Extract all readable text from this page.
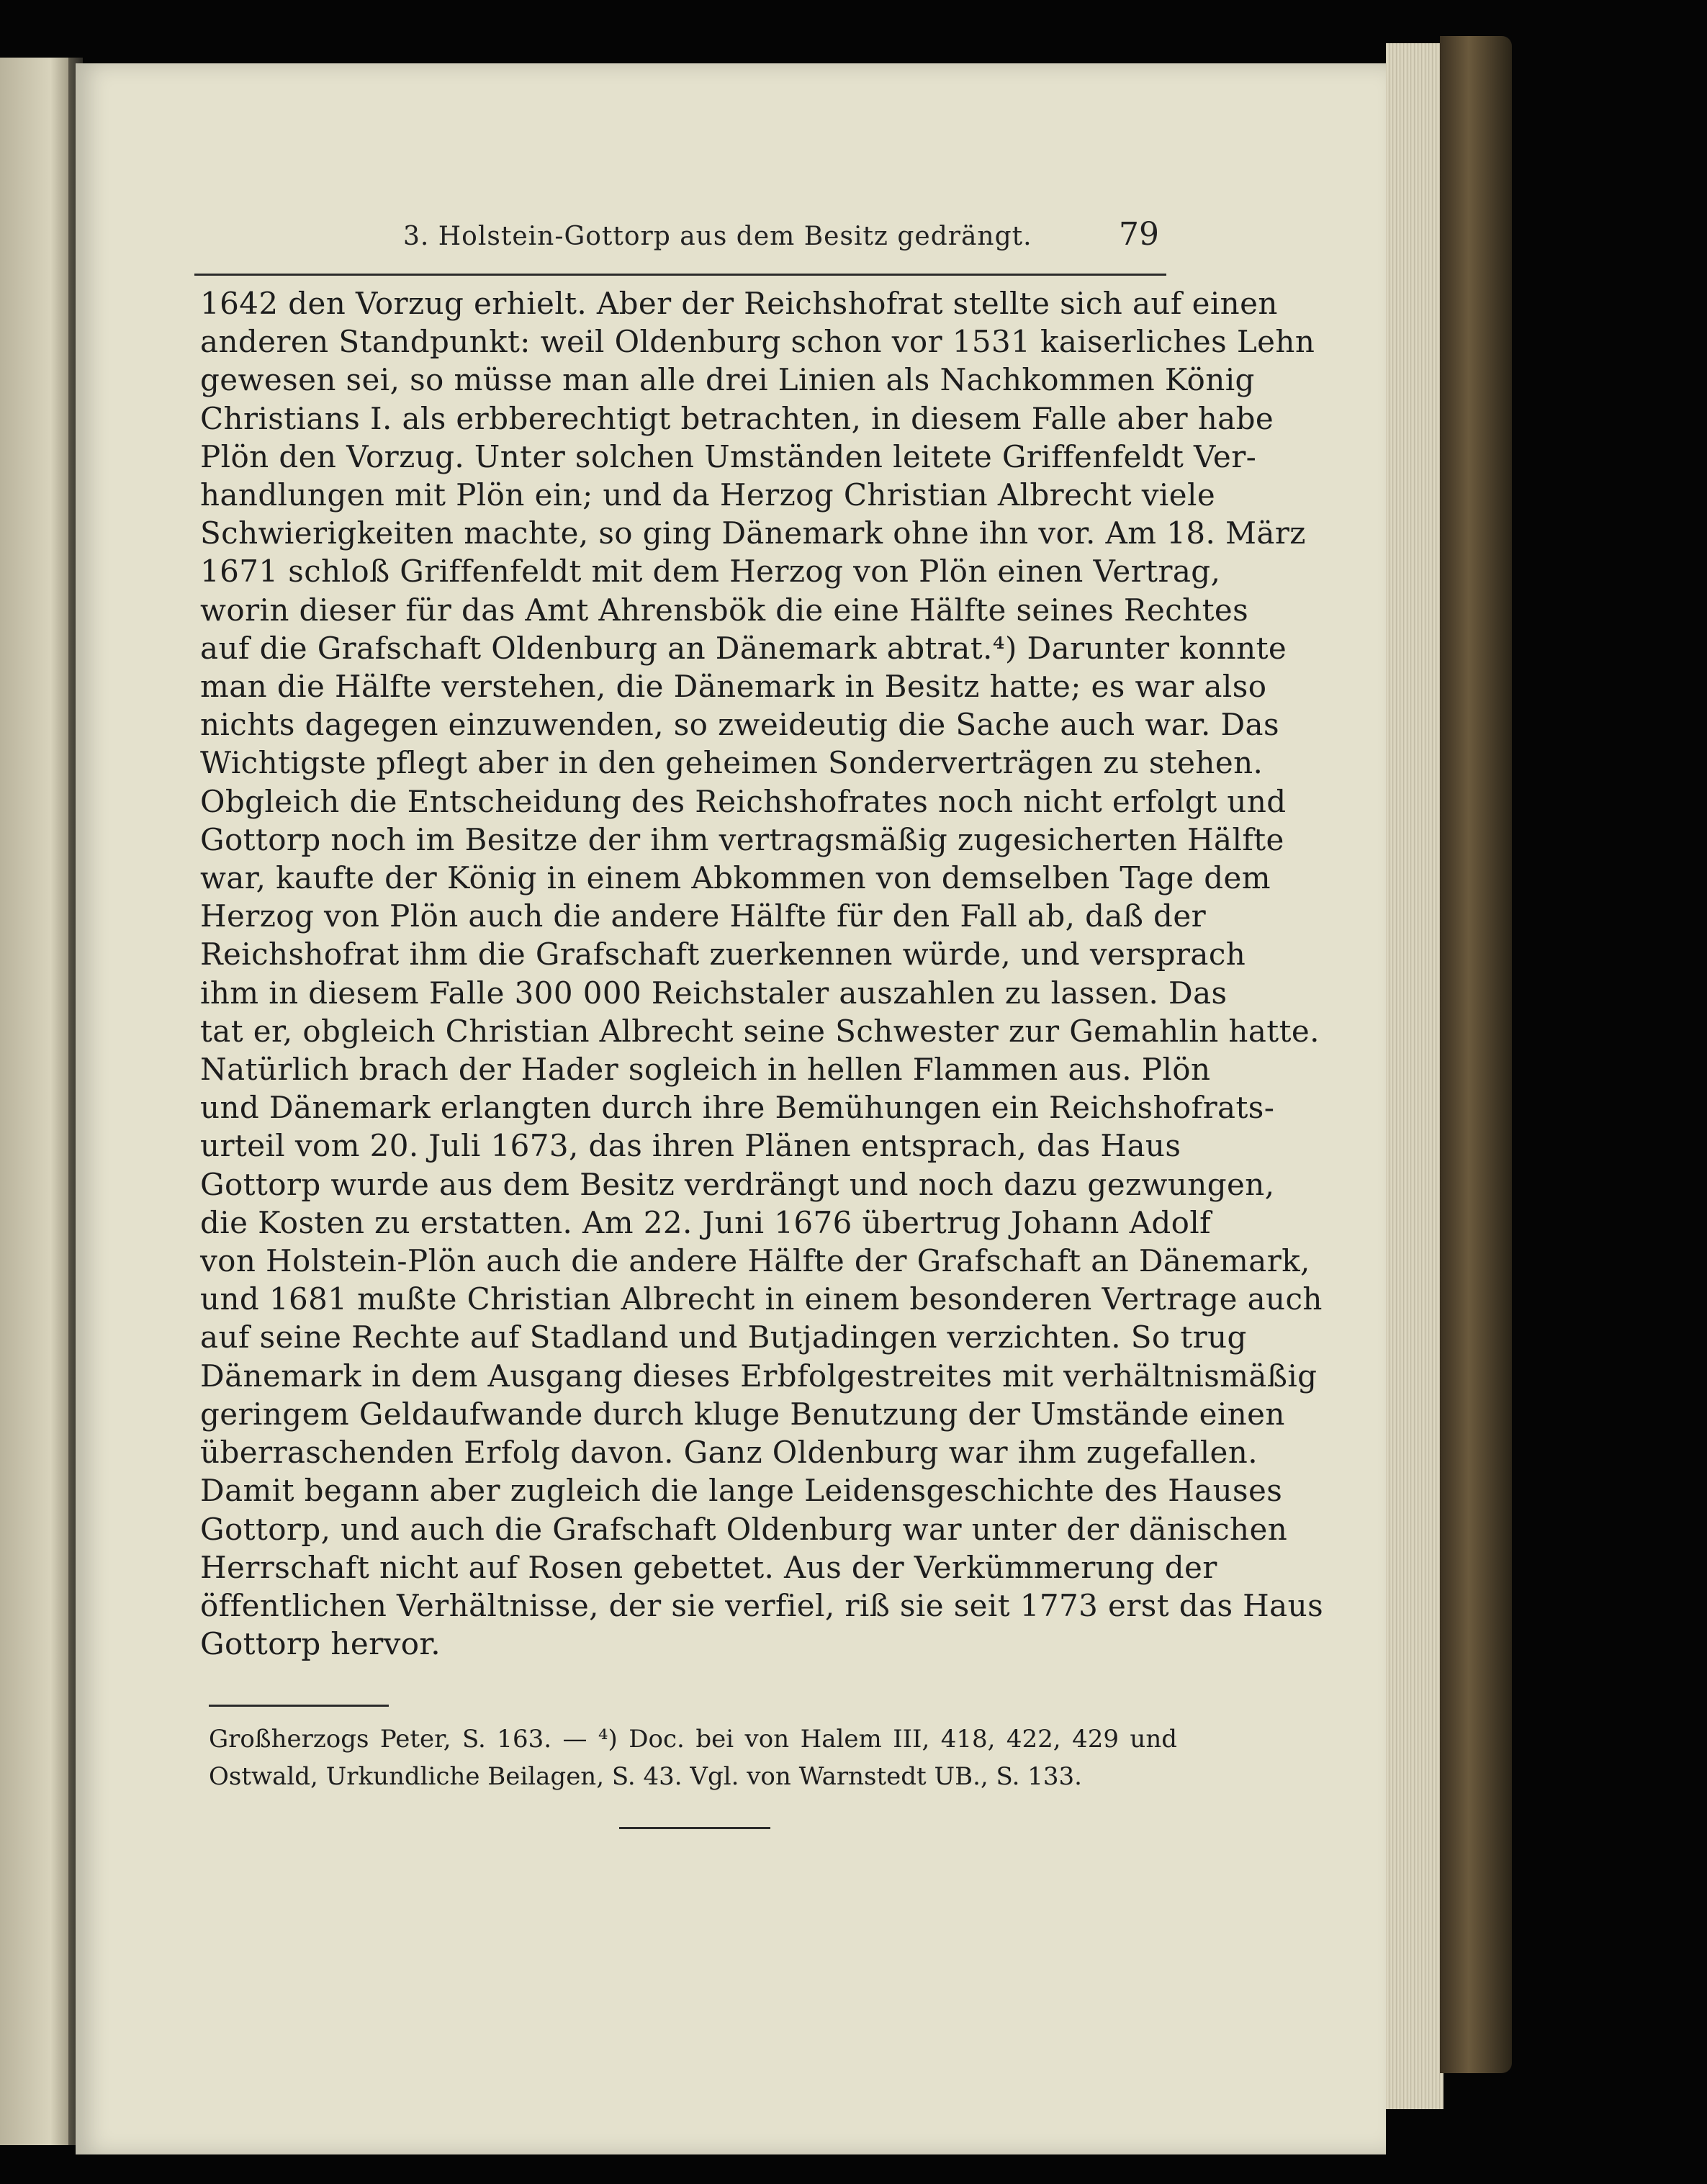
3. Holstein-Gottorp aus dem Besitz gedrängt.	79
1642 den Vorzug erhielt. Aber der Reichshofrat stellte sich auf einen
anderen Standpunkt: weil Oldenburg schon vor 1531 kaiserliches Lehn
gewesen sei, so müsse man alle drei Linien als Nachkommen König
Christians I. als erbberechtigt betrachten, in diesem Falle aber habe
Plön den Vorzug. Unter solchen Umständen leitete Griffenfeldt Ver-
handlungen mit Plön ein; und da Herzog Christian Albrecht viele
Schwierigkeiten machte, so ging Dänemark ohne ihn vor. Am 18. März
1671 schloß Griffenfeldt mit dem Herzog von Plön einen Vertrag,
worin dieser für das Amt Ahrensbök die eine Hälfte seines Rechtes
auf die Grafschaft Oldenburg an Dänemark abtrat.⁴) Darunter konnte
man die Hälfte verstehen, die Dänemark in Besitz hatte; es war also
nichts dagegen einzuwenden, so zweideutig die Sache auch war. Das
Wichtigste pflegt aber in den geheimen Sonderverträgen zu stehen.
Obgleich die Entscheidung des Reichshofrates noch nicht erfolgt und
Gottorp noch im Besitze der ihm vertragsmäßig zugesicherten Hälfte
war, kaufte der König in einem Abkommen von demselben Tage dem
Herzog von Plön auch die andere Hälfte für den Fall ab, daß der
Reichshofrat ihm die Grafschaft zuerkennen würde, und versprach
ihm in diesem Falle 300 000 Reichstaler auszahlen zu lassen. Das
tat er, obgleich Christian Albrecht seine Schwester zur Gemahlin hatte.
Natürlich brach der Hader sogleich in hellen Flammen aus. Plön
und Dänemark erlangten durch ihre Bemühungen ein Reichshofrats-
urteil vom 20. Juli 1673, das ihren Plänen entsprach, das Haus
Gottorp wurde aus dem Besitz verdrängt und noch dazu gezwungen,
die Kosten zu erstatten. Am 22. Juni 1676 übertrug Johann Adolf
von Holstein-Plön auch die andere Hälfte der Grafschaft an Dänemark,
und 1681 mußte Christian Albrecht in einem besonderen Vertrage auch
auf seine Rechte auf Stadland und Butjadingen verzichten. So trug
Dänemark in dem Ausgang dieses Erbfolgestreites mit verhältnismäßig
geringem Geldaufwande durch kluge Benutzung der Umstände einen
überraschenden Erfolg davon. Ganz Oldenburg war ihm zugefallen.
Damit begann aber zugleich die lange Leidensgeschichte des Hauses
Gottorp, und auch die Grafschaft Oldenburg war unter der dänischen
Herrschaft nicht auf Rosen gebettet. Aus der Verkümmerung der
öffentlichen Verhältnisse, der sie verfiel, riß sie seit 1773 erst das Haus
Gottorp hervor.
Großherzogs Peter, S. 163. — ⁴) Doc. bei von Halem III, 418, 422, 429 und
Ostwald, Urkundliche Beilagen, S. 43. Vgl. von Warnstedt UB., S. 133.
